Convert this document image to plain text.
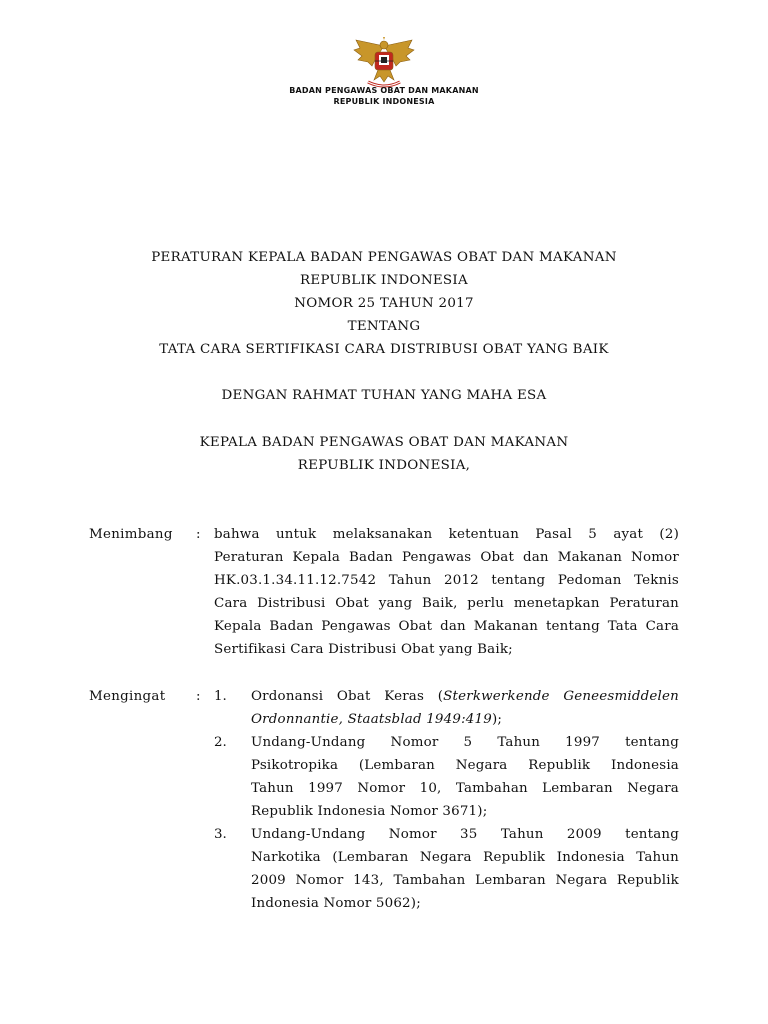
BADAN PENGAWAS OBAT DAN MAKANAN
REPUBLIK INDONESIA
PERATURAN KEPALA BADAN PENGAWAS OBAT DAN MAKANAN
REPUBLIK INDONESIA
NOMOR 25 TAHUN 2017
TENTANG
TATA CARA SERTIFIKASI CARA DISTRIBUSI OBAT YANG BAIK
DENGAN RAHMAT TUHAN YANG MAHA ESA
KEPALA BADAN PENGAWAS OBAT DAN MAKANAN
REPUBLIK INDONESIA,
Menimbang : bahwa untuk melaksanakan ketentuan Pasal 5 ayat (2)
Peraturan Kepala Badan Pengawas Obat dan Makanan Nomor
HK.03.1.34.11.12.7542 Tahun 2012 tentang Pedoman Teknis
Cara Distribusi Obat yang Baik, perlu menetapkan Peraturan
Kepala Badan Pengawas Obat dan Makanan tentang Tata Cara
Sertifikasi Cara Distribusi Obat yang Baik;
Mengingat : 1. Ordonansi Obat Keras (Sterkwerkende Geneesmiddelen
Ordonnantie, Staatsblad 1949:419);
2. Undang-Undang Nomor 5 Tahun 1997 tentang
Psikotropika (Lembaran Negara Republik Indonesia
Tahun 1997 Nomor 10, Tambahan Lembaran Negara
Republik Indonesia Nomor 3671);
3. Undang-Undang Nomor 35 Tahun 2009 tentang
Narkotika (Lembaran Negara Republik Indonesia Tahun
2009 Nomor 143, Tambahan Lembaran Negara Republik
Indonesia Nomor 5062);
